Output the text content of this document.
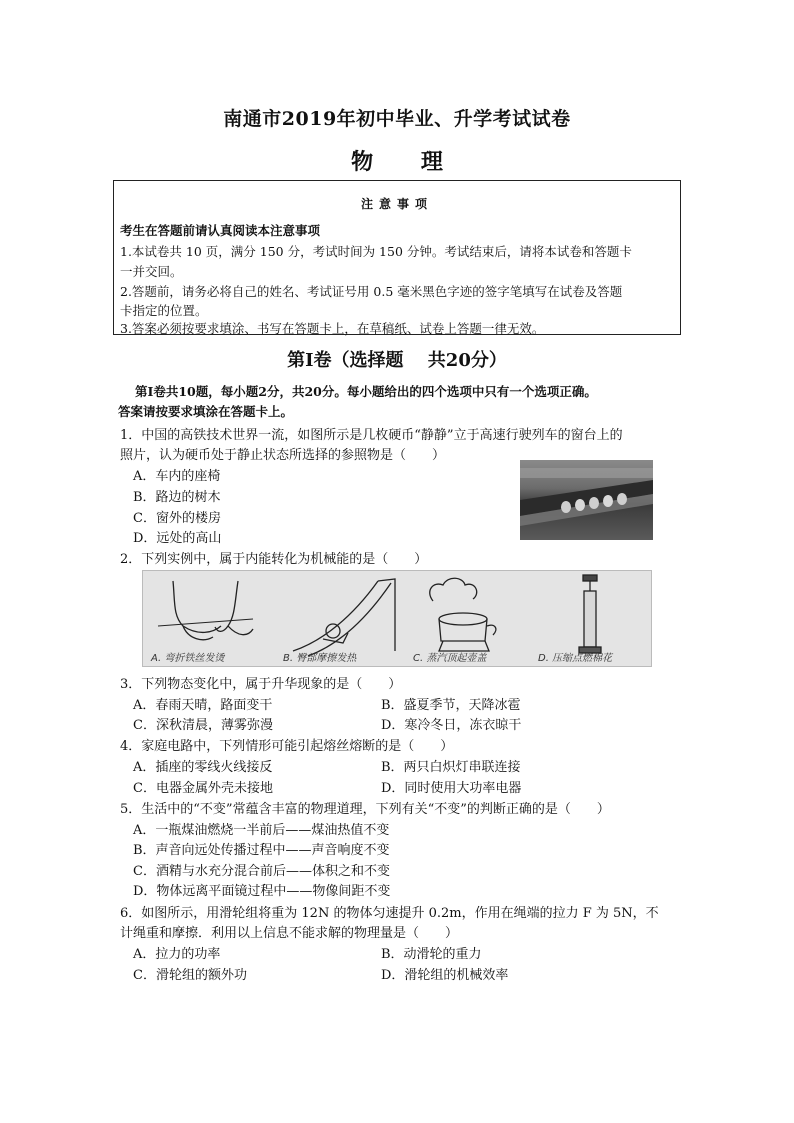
南通市2019年初中毕业、升学考试试卷
物 理
注意事项
考生在答题前请认真阅读本注意事项
1.本试卷共 10 页，满分 150 分，考试时间为 150 分钟。考试结束后，请将本试卷和答题卡
一并交回。
2.答题前，请务必将自己的姓名、考试证号用 0.5 毫米黑色字迹的签字笔填写在试卷及答题
卡指定的位置。
3.答案必须按要求填涂、书写在答题卡上，在草稿纸、试卷上答题一律无效。
第Ⅰ卷（选择题　 共20分）
第Ⅰ卷共10题，每小题2分，共20分。每小题给出的四个选项中只有一个选项正确。
答案请按要求填涂在答题卡上。
1．中国的高铁技术世界一流，如图所示是几枚硬币“静静”立于高速行驶列车的窗台上的
照片，认为硬币处于静止状态所选择的参照物是（　　）
A．车内的座椅
B．路边的树木
C．窗外的楼房
D．远处的高山
2．下列实例中，属于内能转化为机械能的是（　　）
A. 弯折铁丝发烫	B. 臀部摩擦发热	C. 蒸汽顶起壶盖	D. 压缩点燃棉花
3．下列物态变化中，属于升华现象的是（　　）
A．春雨天晴，路面变干	B．盛夏季节，天降冰雹
C．深秋清晨，薄雾弥漫	D．寒冷冬日，冻衣晾干
4．家庭电路中，下列情形可能引起熔丝熔断的是（　　）
A．插座的零线火线接反	B．两只白炽灯串联连接
C．电器金属外壳未接地	D．同时使用大功率电器
5．生活中的“不变”常蕴含丰富的物理道理，下列有关“不变”的判断正确的是（　　）
A．一瓶煤油燃烧一半前后——煤油热值不变
B．声音向远处传播过程中——声音响度不变
C．酒精与水充分混合前后——体积之和不变
D．物体远离平面镜过程中——物像间距不变
6．如图所示，用滑轮组将重为 12N 的物体匀速提升 0.2m，作用在绳端的拉力 F 为 5N，不
计绳重和摩擦．利用以上信息不能求解的物理量是（　　）
A．拉力的功率	B．动滑轮的重力
C．滑轮组的额外功	D．滑轮组的机械效率
